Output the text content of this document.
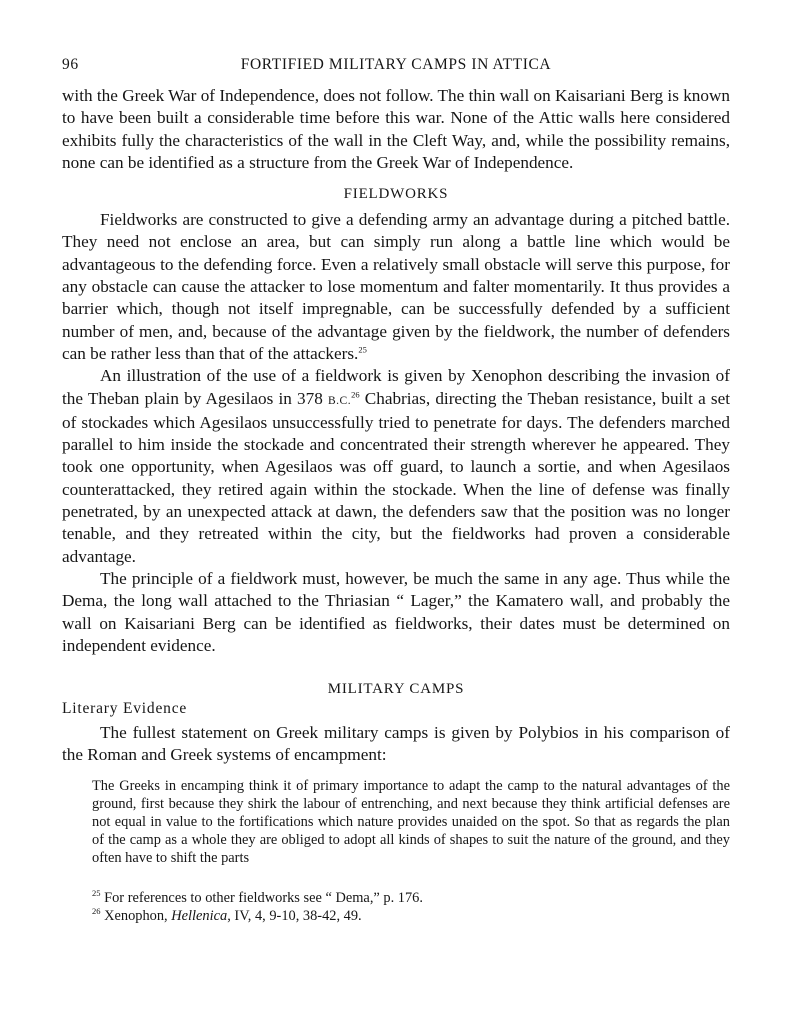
96	FORTIFIED MILITARY CAMPS IN ATTICA

with the Greek War of Independence, does not follow. The thin wall on Kaisariani Berg is known to have been built a considerable time before this war. None of the Attic walls here considered exhibits fully the characteristics of the wall in the Cleft Way, and, while the possibility remains, none can be identified as a structure from the Greek War of Independence.

FIELDWORKS

Fieldworks are constructed to give a defending army an advantage during a pitched battle. They need not enclose an area, but can simply run along a battle line which would be advantageous to the defending force. Even a relatively small obstacle will serve this purpose, for any obstacle can cause the attacker to lose momentum and falter momentarily. It thus provides a barrier which, though not itself impregnable, can be successfully defended by a sufficient number of men, and, because of the advantage given by the fieldwork, the number of defenders can be rather less than that of the attackers.$^{25}$

An illustration of the use of a fieldwork is given by Xenophon describing the invasion of the Theban plain by Agesilaos in 378 B.C.$^{26}$ Chabrias, directing the Theban resistance, built a set of stockades which Agesilaos unsuccessfully tried to penetrate for days. The defenders marched parallel to him inside the stockade and concentrated their strength wherever he appeared. They took one opportunity, when Agesilaos was off guard, to launch a sortie, and when Agesilaos counterattacked, they retired again within the stockade. When the line of defense was finally penetrated, by an unexpected attack at dawn, the defenders saw that the position was no longer tenable, and they retreated within the city, but the fieldworks had proven a considerable advantage.

The principle of a fieldwork must, however, be much the same in any age. Thus while the Dema, the long wall attached to the Thriasian “ Lager,” the Kamatero wall, and probably the wall on Kaisariani Berg can be identified as fieldworks, their dates must be determined on independent evidence.

MILITARY CAMPS
Literary Evidence

The fullest statement on Greek military camps is given by Polybios in his comparison of the Roman and Greek systems of encampment:

The Greeks in encamping think it of primary importance to adapt the camp to the natural advantages of the ground, first because they shirk the labour of entrenching, and next because they think artificial defenses are not equal in value to the fortifications which nature provides unaided on the spot. So that as regards the plan of the camp as a whole they are obliged to adopt all kinds of shapes to suit the nature of the ground, and they often have to shift the parts

$^{25}$ For references to other fieldworks see “ Dema,” p. 176.
$^{26}$ Xenophon, Hellenica, IV, 4, 9-10, 38-42, 49.
